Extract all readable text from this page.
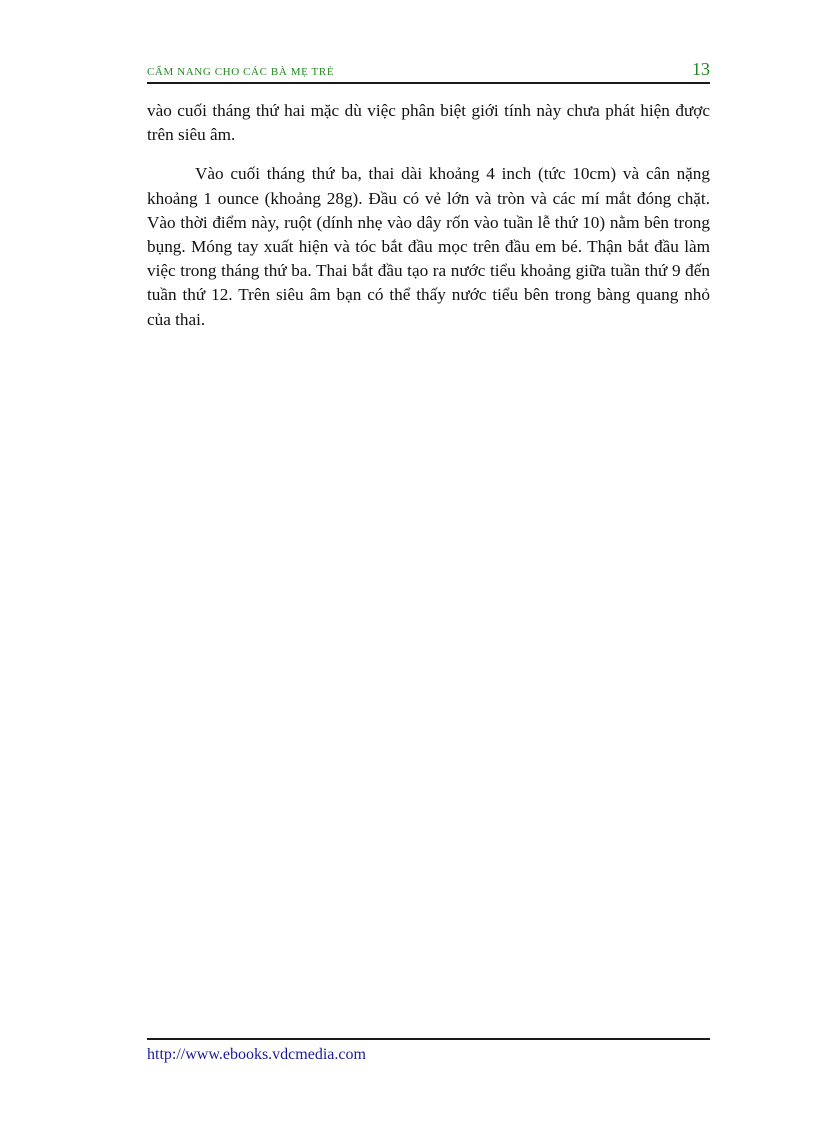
CẨM NANG CHO CÁC BÀ MẸ TRẺ	13

vào cuối tháng thứ hai mặc dù việc phân biệt giới tính này chưa phát hiện được trên siêu âm.

Vào cuối tháng thứ ba, thai dài khoảng 4 inch (tức 10cm) và cân nặng khoảng 1 ounce (khoảng 28g). Đầu có vẻ lớn và tròn và các mí mắt đóng chặt. Vào thời điểm này, ruột (dính nhẹ vào dây rốn vào tuần lễ thứ 10) nằm bên trong bụng. Móng tay xuất hiện và tóc bắt đầu mọc trên đầu em bé. Thận bắt đầu làm việc trong tháng thứ ba. Thai bắt đầu tạo ra nước tiểu khoảng giữa tuần thứ 9 đến tuần thứ 12. Trên siêu âm bạn có thể thấy nước tiểu bên trong bàng quang nhỏ của thai.

http://www.ebooks.vdcmedia.com
